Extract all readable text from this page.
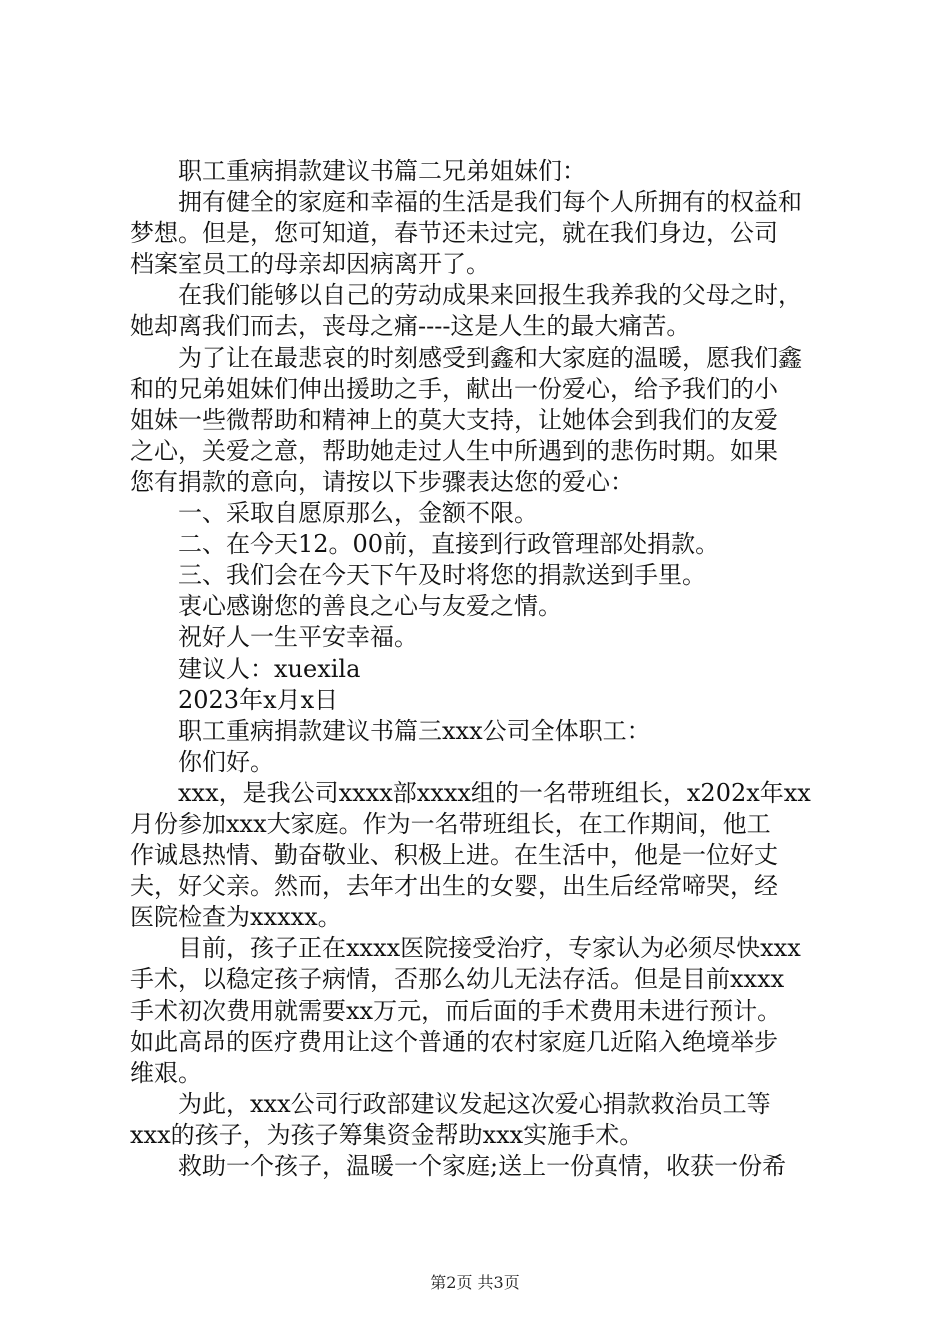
职工重病捐款建议书篇二兄弟姐妹们：
拥有健全的家庭和幸福的生活是我们每个人所拥有的权益和
梦想。但是，您可知道，春节还未过完，就在我们身边，公司
档案室员工的母亲却因病离开了。
在我们能够以自己的劳动成果来回报生我养我的父母之时，
她却离我们而去，丧母之痛----这是人生的最大痛苦。
为了让在最悲哀的时刻感受到鑫和大家庭的温暖，愿我们鑫
和的兄弟姐妹们伸出援助之手，献出一份爱心，给予我们的小
姐妹一些微帮助和精神上的莫大支持，让她体会到我们的友爱
之心，关爱之意，帮助她走过人生中所遇到的悲伤时期。如果
您有捐款的意向，请按以下步骤表达您的爱心：
一、采取自愿原那么，金额不限。
二、在今天12。00前，直接到行政管理部处捐款。
三、我们会在今天下午及时将您的捐款送到手里。
衷心感谢您的善良之心与友爱之情。
祝好人一生平安幸福。
建议人：xuexila
2023年x月x日
职工重病捐款建议书篇三xxx公司全体职工：
你们好。
xxx，是我公司xxxx部xxxx组的一名带班组长，x202x年xx
月份参加xxx大家庭。作为一名带班组长，在工作期间，他工
作诚恳热情、勤奋敬业、积极上进。在生活中，他是一位好丈
夫，好父亲。然而，去年才出生的女婴，出生后经常啼哭，经
医院检查为xxxxx。
目前，孩子正在xxxx医院接受治疗，专家认为必须尽快xxx
手术，以稳定孩子病情，否那么幼儿无法存活。但是目前xxxx
手术初次费用就需要xx万元，而后面的手术费用未进行预计。
如此高昂的医疗费用让这个普通的农村家庭几近陷入绝境举步
维艰。
为此，xxx公司行政部建议发起这次爱心捐款救治员工等
xxx的孩子，为孩子筹集资金帮助xxx实施手术。
救助一个孩子，温暖一个家庭;送上一份真情，收获一份希
第2页 共3页
